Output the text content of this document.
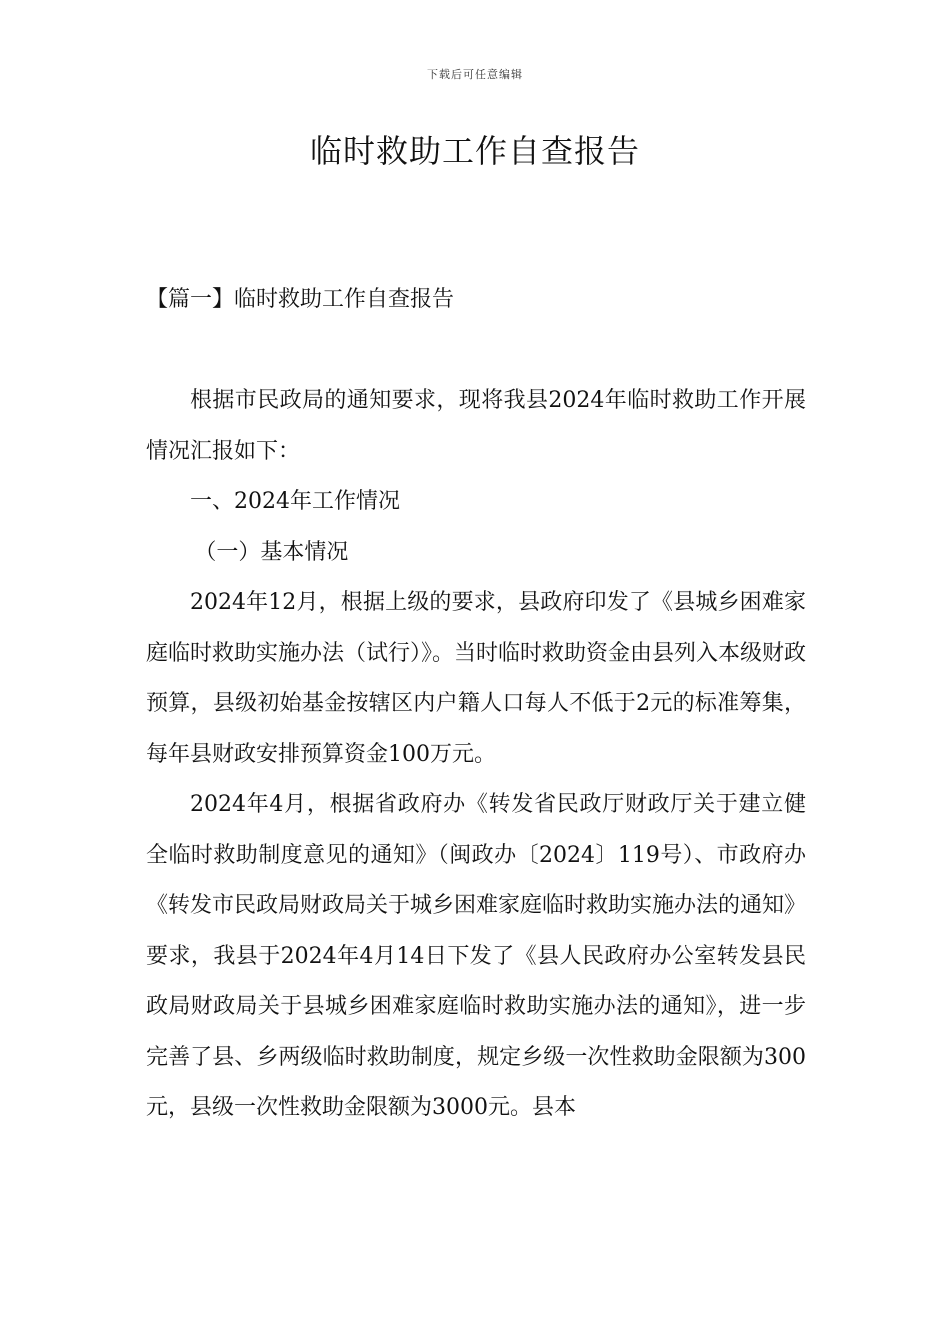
下载后可任意编辑
临时救助工作自查报告
【篇一】临时救助工作自查报告

根据市民政局的通知要求，现将我县2024年临时救助工作开展情况汇报如下：

一、2024年工作情况

（一）基本情况

2024年12月，根据上级的要求，县政府印发了《县城乡困难家庭临时救助实施办法（试行）》。当时临时救助资金由县列入本级财政预算，县级初始基金按辖区内户籍人口每人不低于2元的标准筹集，每年县财政安排预算资金100万元。

2024年4月，根据省政府办《转发省民政厅财政厅关于建立健全临时救助制度意见的通知》（闽政办〔2024〕119号）、市政府办《转发市民政局财政局关于城乡困难家庭临时救助实施办法的通知》要求，我县于2024年4月14日下发了《县人民政府办公室转发县民政局财政局关于县城乡困难家庭临时救助实施办法的通知》，进一步完善了县、乡两级临时救助制度，规定乡级一次性救助金限额为300元，县级一次性救助金限额为3000元。县本
